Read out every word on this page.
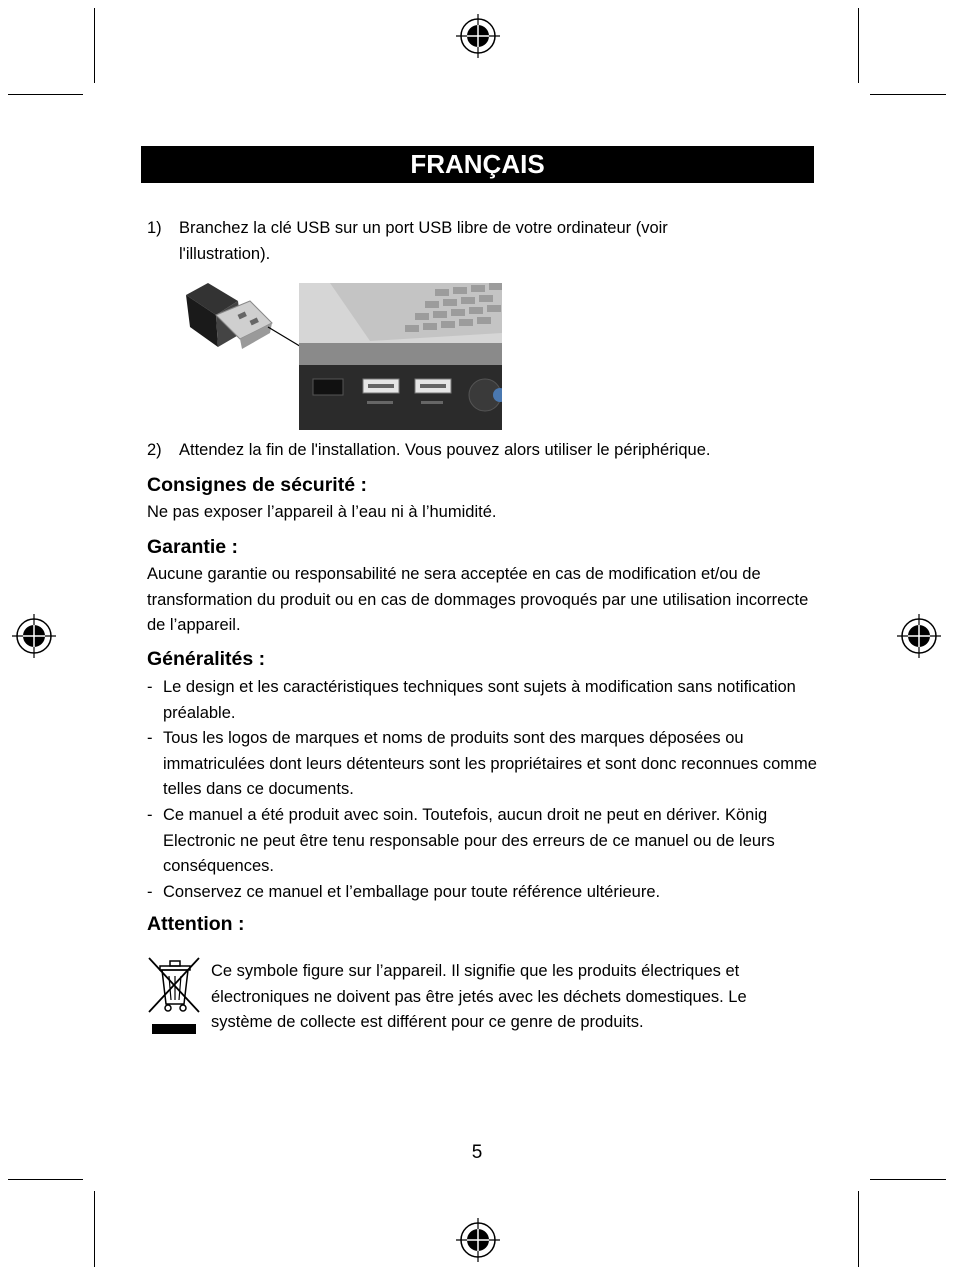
FRANÇAIS
1)	Branchez la clé USB sur un port USB libre de votre ordinateur (voir l'illustration).
2)	Attendez la fin de l'installation. Vous pouvez alors utiliser le périphérique.
Consignes de sécurité :
Ne pas exposer l’appareil à l’eau ni à l’humidité.
Garantie :
Aucune garantie ou responsabilité ne sera acceptée en cas de modification et/ou de transformation du produit ou en cas de dommages provoqués par une utilisation incorrecte de l’appareil.
Généralités :
- Le design et les caractéristiques techniques sont sujets à modification sans notification préalable.
- Tous les logos de marques et noms de produits sont des marques déposées ou immatriculées dont leurs détenteurs sont les propriétaires et sont donc reconnues comme telles dans ce documents.
- Ce manuel a été produit avec soin. Toutefois, aucun droit ne peut en dériver. König Electronic ne peut être tenu responsable pour des erreurs de ce manuel ou de leurs conséquences.
- Conservez ce manuel et l’emballage pour toute référence ultérieure.
Attention :
Ce symbole figure sur l’appareil. Il signifie que les produits électriques et électroniques ne doivent pas être jetés avec les déchets domestiques. Le système de collecte est différent pour ce genre de produits.
5
